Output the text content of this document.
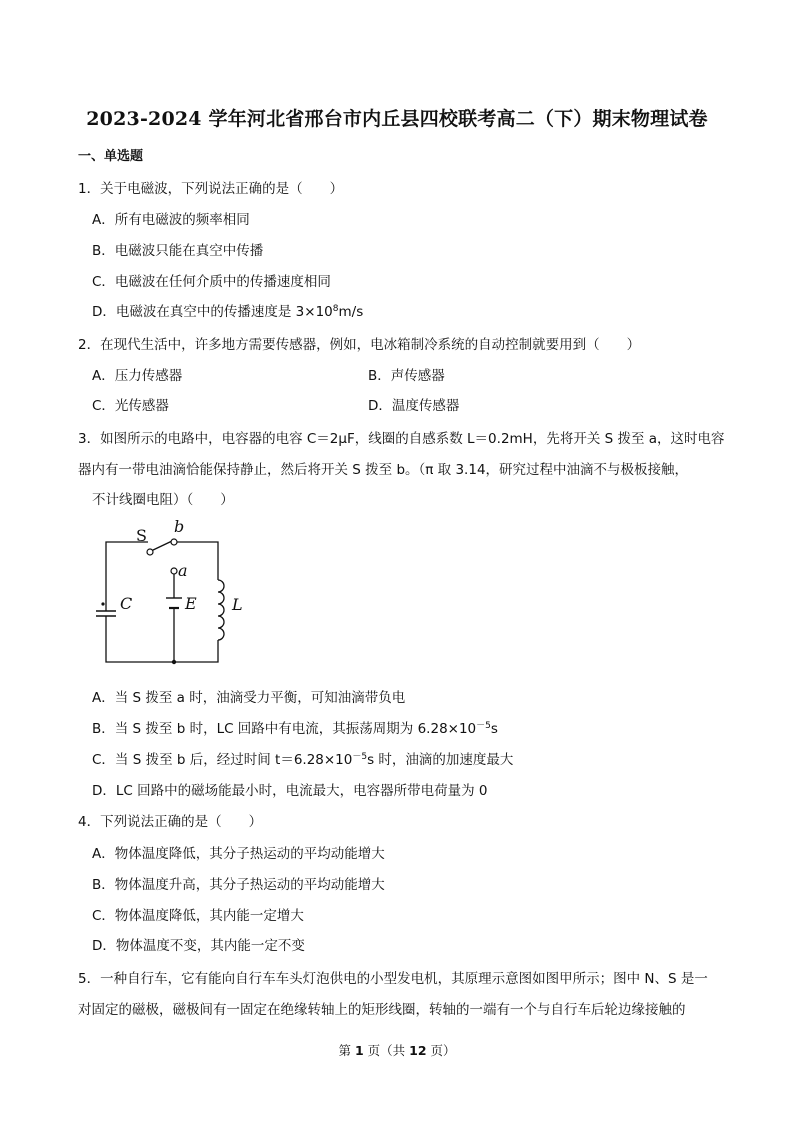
2023-2024 学年河北省邢台市内丘县四校联考高二（下）期末物理试卷
一、单选题
1．关于电磁波，下列说法正确的是（　　）
A．所有电磁波的频率相同
B．电磁波只能在真空中传播
C．电磁波在任何介质中的传播速度相同
D．电磁波在真空中的传播速度是 $3\times 10^8m/s$
2．在现代生活中，许多地方需要传感器，例如，电冰箱制冷系统的自动控制就要用到（　　）
A．压力传感器	B．声传感器
C．光传感器	D．温度传感器
3．如图所示的电路中，电容器的电容 C＝2μF，线圈的自感系数 L＝0.2mH，先将开关 S 拨至 a，这时电容
器内有一带电油滴恰能保持静止，然后将开关 S 拨至 b。（π 取 3.14，研究过程中油滴不与极板接触，
不计线圈电阻）（　　）
S b
a
C	E L
A．当 S 拨至 a 时，油滴受力平衡，可知油滴带负电
B．当 S 拨至 b 时，LC 回路中有电流，其振荡周期为 $6.28\times 10^{-5}s$
C．当 S 拨至 b 后，经过时间 $t=6.28\times 10^{-5}s$ 时，油滴的加速度最大
D．LC 回路中的磁场能最小时，电流最大，电容器所带电荷量为 0
4．下列说法正确的是（　　）
A．物体温度降低，其分子热运动的平均动能增大
B．物体温度升高，其分子热运动的平均动能增大
C．物体温度降低，其内能一定增大
D．物体温度不变，其内能一定不变
5．一种自行车，它有能向自行车车头灯泡供电的小型发电机，其原理示意图如图甲所示；图中 N、S 是一
对固定的磁极，磁极间有一固定在绝缘转轴上的矩形线圈，转轴的一端有一个与自行车后轮边缘接触的
第 1 页（共 12 页）
